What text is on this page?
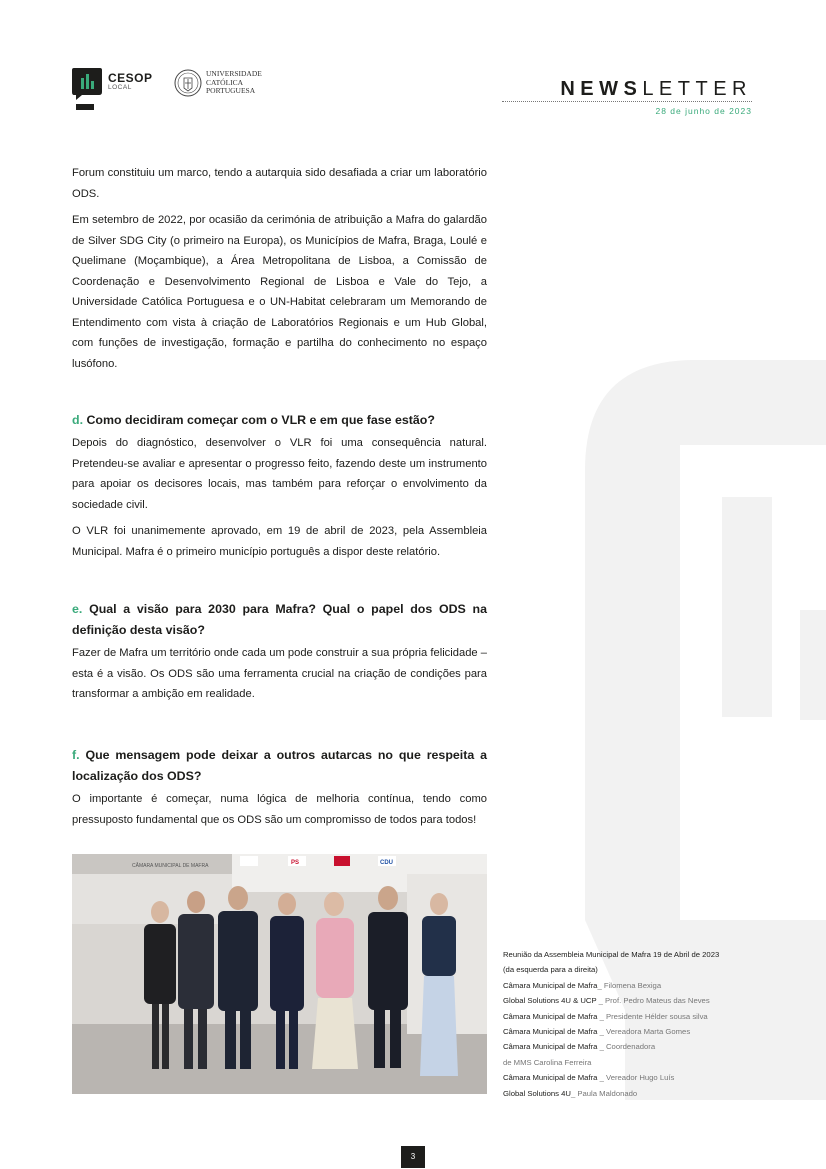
CESOP
LOCAL
UNIVERSIDADE
CATÓLICA
PORTUGUESA	NEWSLETTER
28 de junho de 2023

Forum constituiu um marco, tendo a autarquia sido desafiada a criar um laboratório ODS.

Em setembro de 2022, por ocasião da cerimónia de atribuição a Mafra do galardão de Silver SDG City (o primeiro na Europa), os Municípios de Mafra, Braga, Loulé e Quelimane (Moçambique), a Área Metropolitana de Lisboa, a Comissão de Coordenação e Desenvolvimento Regional de Lisboa e Vale do Tejo, a Universidade Católica Portuguesa e o UN-Habitat celebraram um Memorando de Entendimento com vista à criação de Laboratórios Regionais e um Hub Global, com funções de investigação, formação e partilha do conhecimento no espaço lusófono.

d. Como decidiram começar com o VLR e em que fase estão?

Depois do diagnóstico, desenvolver o VLR foi uma consequência natural. Pretendeu-se avaliar e apresentar o progresso feito, fazendo deste um instrumento para apoiar os decisores locais, mas também para reforçar o envolvimento da sociedade civil.

O VLR foi unanimemente aprovado, em 19 de abril de 2023, pela Assembleia Municipal. Mafra é o primeiro município português a dispor deste relatório.

e. Qual a visão para 2030 para Mafra? Qual o papel dos ODS na definição desta visão?

Fazer de Mafra um território onde cada um pode construir a sua própria felicidade – esta é a visão. Os ODS são uma ferramenta crucial na criação de condições para transformar a ambição em realidade.

f. Que mensagem pode deixar a outros autarcas no que respeita a localização dos ODS?

O importante é começar, numa lógica de melhoria contínua, tendo como pressuposto fundamental que os ODS são um compromisso de todos para todos!

CÂMARA MUNICIPAL DE MAFRA	PS	CDU
Reunião da Assembleia Municipal de Mafra 19 de Abril de 2023
(da esquerda para a direita)
Câmara Municipal de Mafra_ Filomena Bexiga
Global Solutions 4U & UCP _ Prof. Pedro Mateus das Neves
Câmara Municipal de Mafra _ Presidente Hélder sousa silva
Câmara Municipal de Mafra _ Vereadora Marta Gomes
Câmara Municipal de Mafra _ Coordenadora
de MMS Carolina Ferreira
Câmara Municipal de Mafra _ Vereador Hugo Luís
Global Solutions 4U_ Paula Maldonado
3
